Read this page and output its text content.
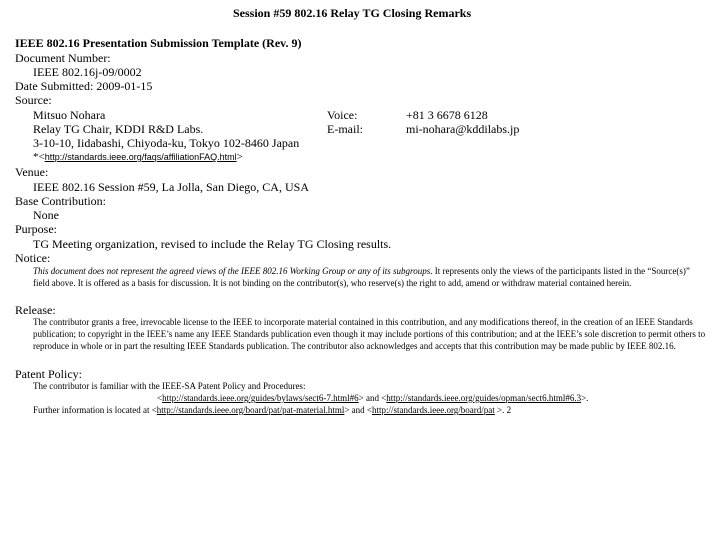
Session #59 802.16 Relay TG Closing Remarks
IEEE 802.16 Presentation Submission Template (Rev. 9)
Document Number:
IEEE 802.16j-09/0002
Date Submitted: 2009-01-15
Source:
Mitsuo Nohara
Relay TG Chair, KDDI R&D Labs.
3-10-10, Iidabashi, Chiyoda-ku, Tokyo 102-8460 Japan
Voice:	+81 3 6678 6128
E-mail:	mi-nohara@kddilabs.jp
*<http://standards.ieee.org/faqs/affiliationFAQ.html>
Venue:
IEEE 802.16 Session #59, La Jolla, San Diego, CA, USA
Base Contribution:
None
Purpose:
TG Meeting organization, revised to include the Relay TG Closing results.
Notice:
This document does not represent the agreed views of the IEEE 802.16 Working Group or any of its subgroups. It represents only the views of the participants listed in the “Source(s)” field above. It is offered as a basis for discussion. It is not binding on the contributor(s), who reserve(s) the right to add, amend or withdraw material contained herein.
Release:
The contributor grants a free, irrevocable license to the IEEE to incorporate material contained in this contribution, and any modifications thereof, in the creation of an IEEE Standards publication; to copyright in the IEEE’s name any IEEE Standards publication even though it may include portions of this contribution; and at the IEEE’s sole discretion to permit others to reproduce in whole or in part the resulting IEEE Standards publication. The contributor also acknowledges and accepts that this contribution may be made public by IEEE 802.16.
Patent Policy:
The contributor is familiar with the IEEE-SA Patent Policy and Procedures:
<http://standards.ieee.org/guides/bylaws/sect6-7.html#6> and <http://standards.ieee.org/guides/opman/sect6.html#6.3>.
Further information is located at <http://standards.ieee.org/board/pat/pat-material.html> and <http://standards.ieee.org/board/pat >. 2
